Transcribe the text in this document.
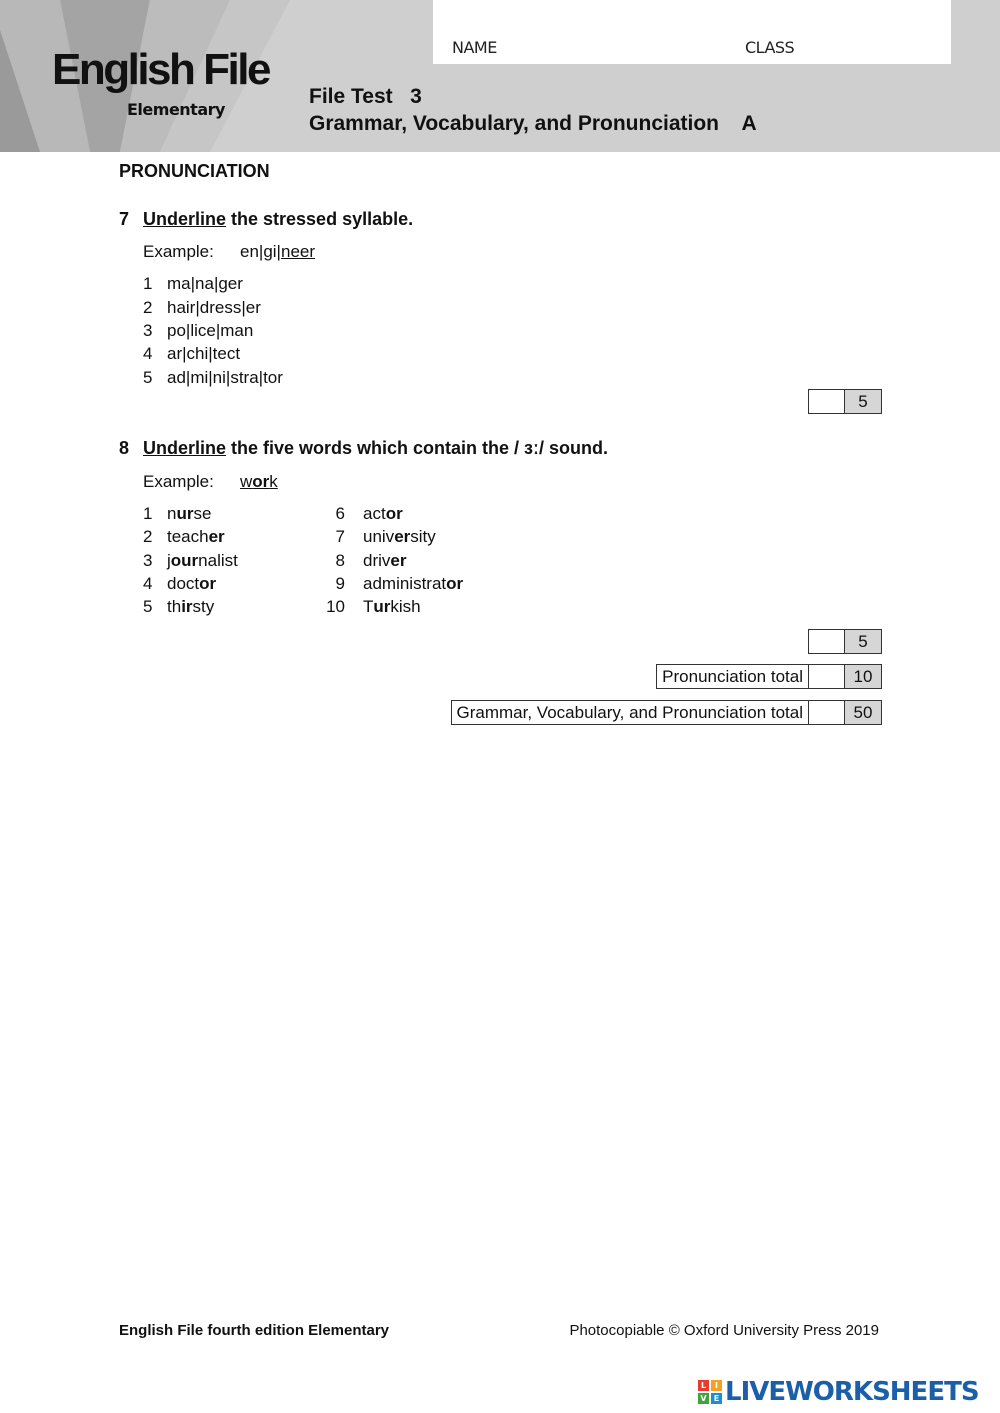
NAME	CLASS
English File
Elementary
File Test   3
Grammar, Vocabulary, and Pronunciation    A
PRONUNCIATION
7 Underline the stressed syllable.
Example: en|gi|neer
1 ma|na|ger
2 hair|dress|er
3 po|lice|man
4 ar|chi|tect
5 ad|mi|ni|stra|tor
5
8 Underline the five words which contain the / ɜː/ sound.
Example: work
1 nurse
2 teacher
3 journalist
4 doctor
5 thirsty
6 actor
7 university
8 driver
9 administrator
10 Turkish
5
Pronunciation total	10
Grammar, Vocabulary, and Pronunciation total	50
English File fourth edition Elementary	Photocopiable © Oxford University Press 2019
L	I
V E LIVEWORKSHEETS
